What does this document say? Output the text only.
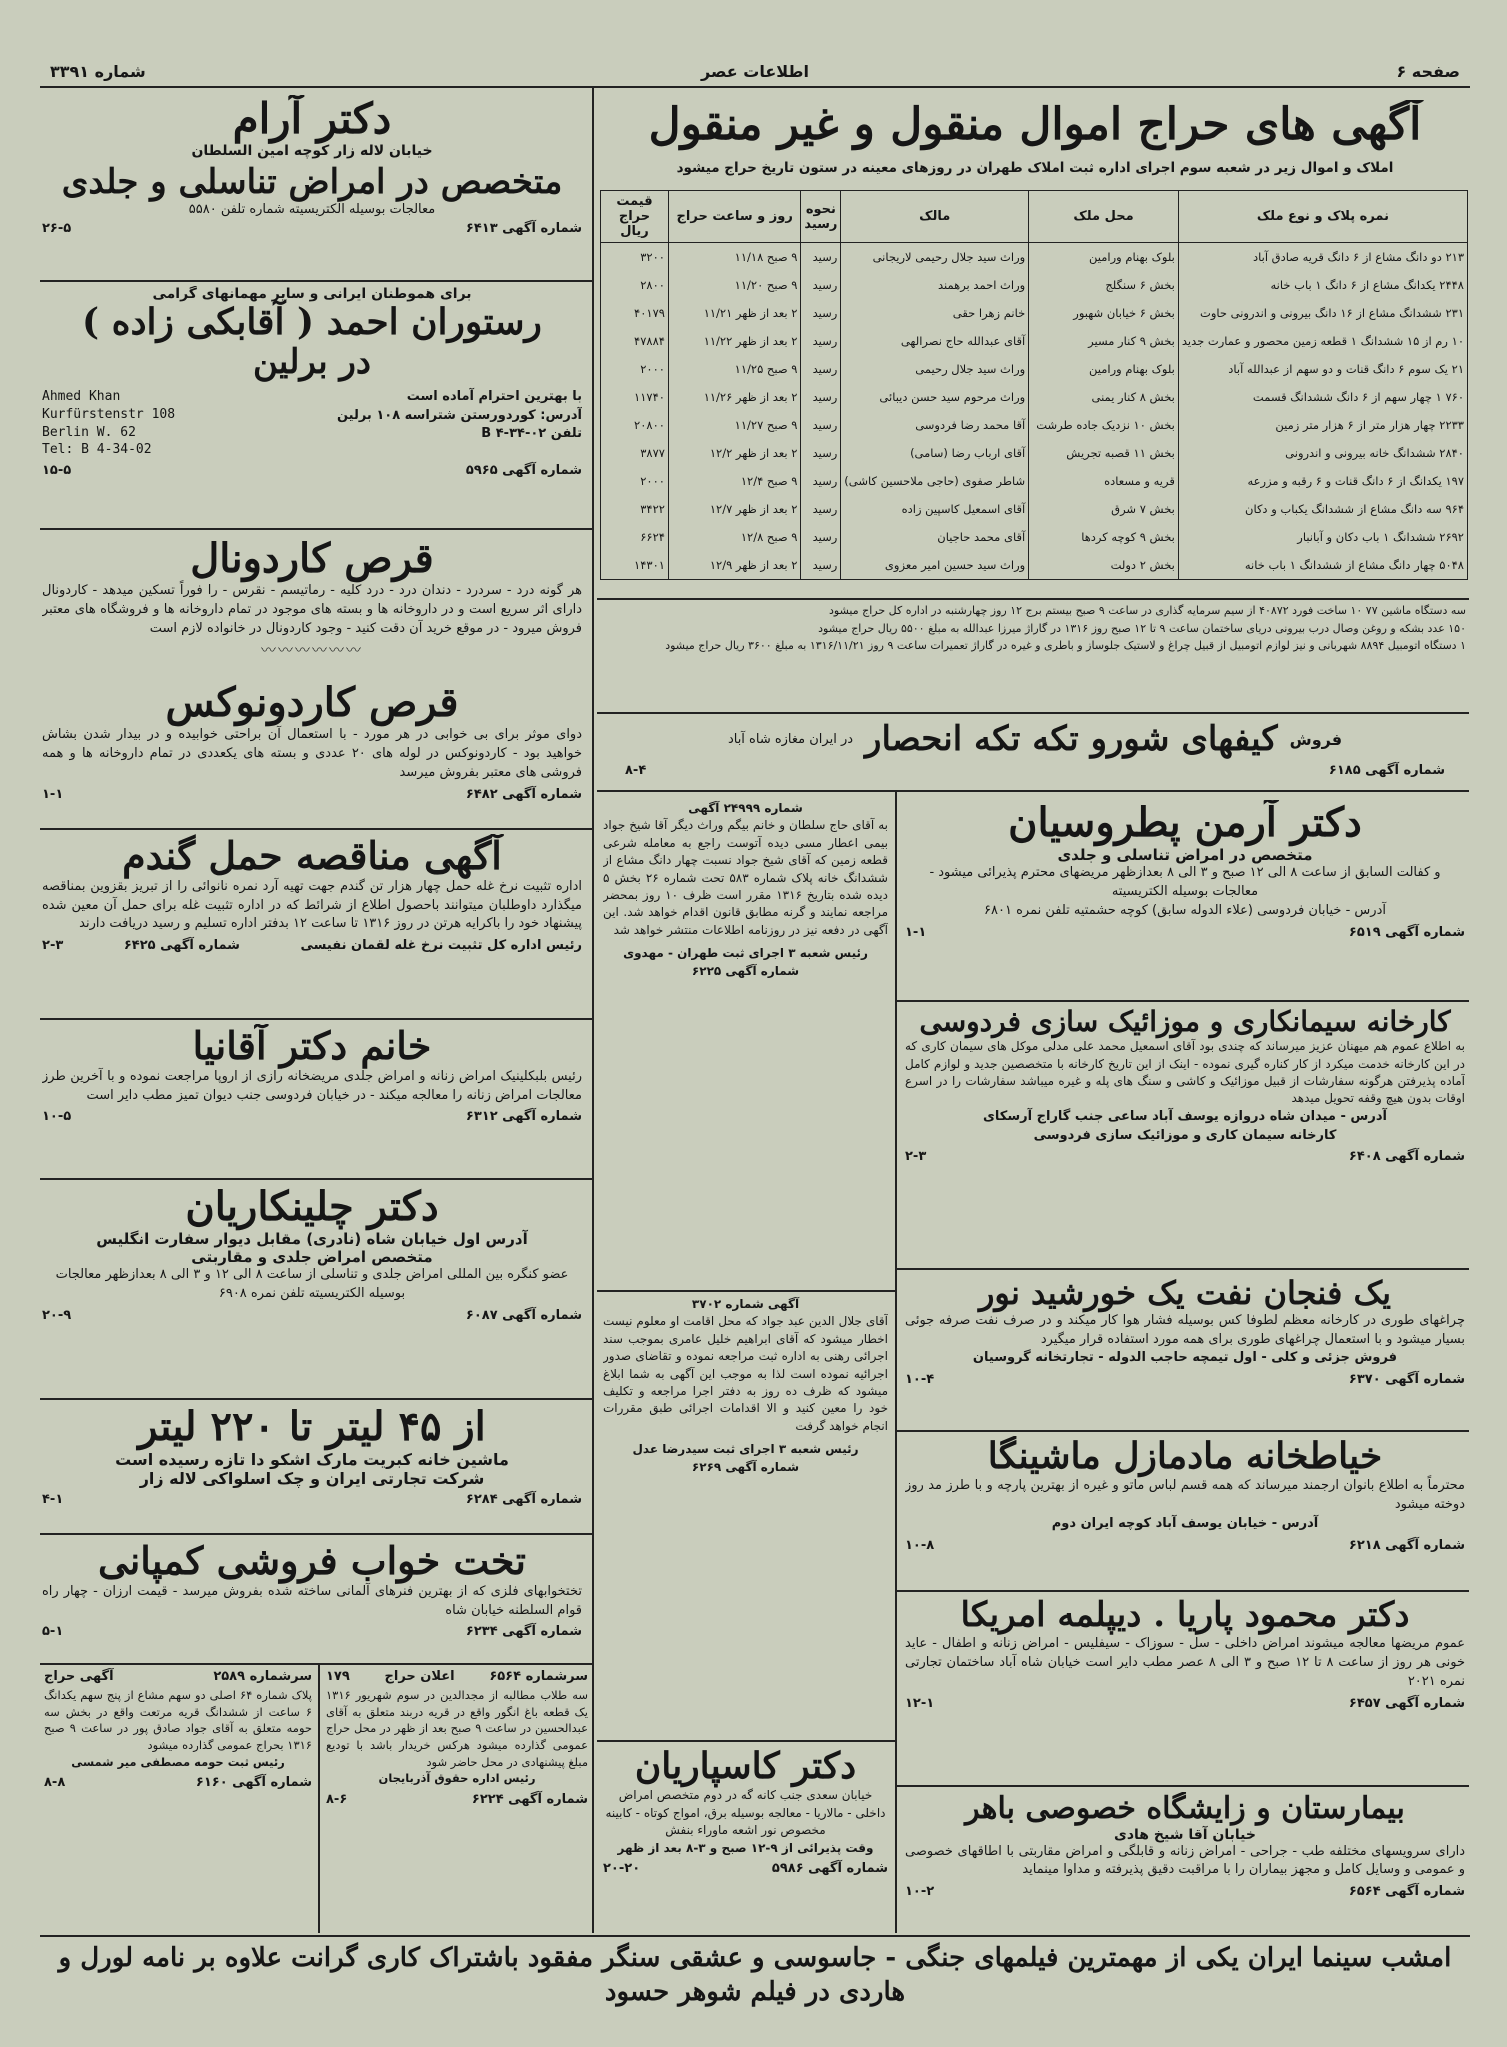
صفحه ۶
اطلاعات عصر
شماره ۳۳۹۱
آگهی های حراج اموال منقول و غیر منقول
املاک و اموال زیر در شعبه سوم اجرای اداره ثبت املاک طهران در روزهای معینه در ستون تاریخ حراج میشود
نمره پلاک و نوع ملک	محل ملک	مالک	نحوه رسید	روز و ساعت حراج	قیمت حراج ریال
۲۱۳ دو دانگ مشاع از ۶ دانگ قریه صادق آباد	بلوک بهنام ورامین	وراث سید جلال رحیمی لاریجانی	رسید	۹ صبح ۱۱/۱۸	۳۲۰۰
۲۴۴۸ یکدانگ مشاع از ۶ دانگ ۱ باب خانه	بخش ۶ سنگلج	وراث احمد برهمند	رسید	۹ صبح ۱۱/۲۰	۲۸۰۰
۲۳۱ ششدانگ مشاع از ۱۶ دانگ بیرونی و اندرونی حاوت	بخش ۶ خیابان شهبور	خانم زهرا حقی	رسید	۲ بعد از ظهر ۱۱/۲۱	۴۰۱۷۹
۱۰ رم از ۱۵ ششدانگ ۱ قطعه زمین محصور و عمارت جدید	بخش ۹ کنار مسیر	آقای عبدالله حاج نصرالهی	رسید	۲ بعد از ظهر ۱۱/۲۲	۴۷۸۸۴
۲۱ یک سوم ۶ دانگ قنات و دو سهم از عبدالله آباد	بلوک بهنام ورامین	وراث سید جلال رحیمی	رسید	۹ صبح ۱۱/۲۵	۲۰۰۰
۷۶۰ ۱ چهار سهم از ۶ دانگ ششدانگ قسمت	بخش ۸ کنار یمنی	وراث مرحوم سید حسن دیبائی	رسید	۲ بعد از ظهر ۱۱/۲۶	۱۱۷۴۰
۲۲۳۳ چهار هزار متر از ۶ هزار متر زمین	بخش ۱۰ نزدیک جاده طرشت	آقا محمد رضا فردوسی	رسید	۹ صبح ۱۱/۲۷	۲۰۸۰۰
۲۸۴۰ ششدانگ خانه بیرونی و اندرونی	بخش ۱۱ قصبه تجریش	آقای ارباب رضا (سامی)	رسید	۲ بعد از ظهر ۱۲/۲	۳۸۷۷
۱۹۷ یکدانگ از ۶ دانگ قنات و ۶ رقبه و مزرعه	قریه و مسعاده	شاطر صفوی (حاجی ملاحسین کاشی)	رسید	۹ صبح ۱۲/۴	۲۰۰۰
۹۶۴ سه دانگ مشاع از ششدانگ یکباب و دکان	بخش ۷ شرق	آقای اسمعیل کاسپین زاده	رسید	۲ بعد از ظهر ۱۲/۷	۳۴۲۲
۲۶۹۲ ششدانگ ۱ باب دکان و آبانبار	بخش ۹ کوچه کردها	آقای محمد حاجیان	رسید	۹ صبح ۱۲/۸	۶۶۲۴
۵۰۴۸ چهار دانگ مشاع از ششدانگ ۱ باب خانه	بخش ۲ دولت	وراث سید حسین امیر معزوی	رسید	۲ بعد از ظهر ۱۲/۹	۱۴۳۰۱
سه دستگاه ماشین ۷۷ ۱۰ ساخت فورد ۴۰۸۷۲ از سیم سرمایه گذاری در ساعت ۹ صبح بیستم برج ۱۲ روز چهارشنبه در اداره کل حراج میشود
۱۵۰ عدد بشکه و روغن وصال درب بیرونی دریای ساختمان ساعت ۹ تا ۱۲ صبح روز ۱۳۱۶ در گاراژ میرزا عبدالله به مبلغ ۵۵۰۰ ریال حراج میشود
۱ دستگاه اتومبیل ۸۸۹۴ شهربانی و نیز لوازم اتومبیل از قبیل چراغ و لاستیک جلوساز و باطری و غیره در گاراژ تعمیرات ساعت ۹ روز ۱۳۱۶/۱۱/۲۱ به مبلغ ۳۶۰۰ ریال حراج میشود
فروش
کیفهای شورو تکه تکه انحصار
در ایران مغازه شاه آباد
شماره آگهی ۶۱۸۵
۸-۴
دکتر آرمن پطروسیان
متخصص در امراض تناسلی و جلدی
و کفالت السابق از ساعت ۸ الی ۱۲ صبح و ۳ الی ۸ بعدازظهر مریضهای محترم پذیرائی میشود - معالجات بوسیله الکتریسیته
آدرس - خیابان فردوسی (علاء الدوله سابق) کوچه حشمتیه تلفن نمره ۶۸۰۱
شماره آگهی ۶۵۱۹
۱-۱
کارخانه سیمانکاری و موزائیک سازی فردوسی
به اطلاع عموم هم میهنان عزیز میرساند که چندی بود آقای اسمعیل محمد علی مدلی موکل های سیمان کاری که در این کارخانه خدمت میکرد از کار کناره گیری نموده - اینک از این تاریخ کارخانه با متخصصین جدید و لوازم کامل آماده پذیرفتن هرگونه سفارشات از قبیل موزائیک و کاشی و سنگ های پله و غیره میباشد سفارشات را در اسرع اوقات بدون هیچ وقفه تحویل میدهد
آدرس - میدان شاه دروازه یوسف آباد ساعی جنب گاراج آرسکای
کارخانه سیمان کاری و موزائیک سازی فردوسی
شماره آگهی ۶۴۰۸
۲-۳
یک فنجان نفت یک خورشید نور
چراغهای طوری در کارخانه معظم لطوفا کس بوسیله فشار هوا کار میکند و در صرف نفت صرفه جوئی بسیار میشود و با استعمال چراغهای طوری برای همه مورد استفاده قرار میگیرد
فروش جزئی و کلی - اول تیمچه حاجب الدوله - تجارتخانه گروسیان
شماره آگهی ۶۳۷۰
۱۰-۴
خیاطخانه مادمازل ماشینگا
محترماً به اطلاع بانوان ارجمند میرساند که همه قسم لباس ماتو و غیره از بهترین پارچه و با طرز مد روز دوخته میشود
آدرس - خیابان یوسف آباد کوچه ایران دوم
شماره آگهی ۶۲۱۸
۱۰-۸
دکتر محمود پاریا . دیپلمه امریکا
عموم مریضها معالجه میشوند امراض داخلی - سل - سوزاک - سیفلیس - امراض زنانه و اطفال - عاید خونی هر روز از ساعت ۸ تا ۱۲ صبح و ۳ الی ۸ عصر مطب دایر است خیابان شاه آباد ساختمان تجارتی نمره ۲۰۲۱
شماره آگهی ۶۴۵۷
۱۲-۱
بیمارستان و زایشگاه خصوصی باهر
خیابان آقا شیخ هادی
دارای سرویسهای مختلفه طب - جراحی - امراض زنانه و قابلگی و امراض مقاربتی با اطاقهای خصوصی و عمومی و وسایل کامل و مجهز بیماران را با مراقبت دقیق پذیرفته و مداوا مینماید
شماره آگهی ۶۵۶۴
۱۰-۲
شماره ۲۴۹۹۹ آگهی
به آقای حاج سلطان و خانم بیگم وراث دیگر آقا شیخ جواد بیمی اعطار مسی دیده آتوست راجع به معامله شرعی قطعه زمین که آقای شیخ جواد نسبت چهار دانگ مشاع از ششدانگ خانه پلاک شماره ۵۸۳ تحت شماره ۲۶ بخش ۵ دیده شده بتاریخ ۱۳۱۶ مقرر است ظرف ۱۰ روز بمحضر مراجعه نمایند و گرنه مطابق قانون اقدام خواهد شد. این آگهی در دفعه نیز در روزنامه اطلاعات منتشر خواهد شد
رئیس شعبه ۳ اجرای ثبت طهران - مهدوی
شماره آگهی ۶۲۲۵
آگهی شماره ۳۷۰۲
آقای جلال الدین عبد جواد که محل اقامت او معلوم نیست اخطار میشود که آقای ابراهیم خلیل عامری بموجب سند اجرائی رهنی به اداره ثبت مراجعه نموده و تقاضای صدور اجرائیه نموده است لذا به موجب این آگهی به شما ابلاغ میشود که ظرف ده روز به دفتر اجرا مراجعه و تکلیف خود را معین کنید و الا اقدامات اجرائی طبق مقررات انجام خواهد گرفت
رئیس شعبه ۳ اجرای ثبت سیدرضا عدل
شماره آگهی ۶۲۶۹
دکتر کاسپاریان
خیابان سعدی جنب کانه گه در دوم متخصص امراض داخلی - مالاریا - معالجه بوسیله برق، امواج کوتاه - کابینه مخصوص نور اشعه ماوراء بنفش
وقت پذیرائی از ۹-۱۲ صبح و ۳-۸ بعد از ظهر
شماره آگهی ۵۹۸۶
۲۰-۲۰
دکتر آرام
خیابان لاله زار کوچه امین السلطان
متخصص در امراض تناسلی و جلدی
معالجات بوسیله الکتریسیته شماره تلفن ۵۵۸۰
شماره آگهی ۶۴۱۳
۲۶-۵
برای هموطنان ایرانی و سایر مهمانهای گرامی
رستوران احمد ( آقابکی زاده )
در برلین
با بهترین احترام آماده است
آدرس: کوردورستن شتراسه ۱۰۸ برلین
تلفن ۰۲-۳۴-۴ B
Ahmed Khan
Kurfürstenstr 108
Berlin W. 62
Tel: B 4-34-02
شماره آگهی ۵۹۶۵
۱۵-۵
قرص کاردونال
هر گونه درد - سردرد - دندان درد - درد کلیه - رماتیسم - نقرس - را فوراً تسکین میدهد - کاردونال دارای اثر سریع است و در داروخانه ها و بسته های موجود در تمام داروخانه ها و فروشگاه های معتبر فروش میرود - در موقع خرید آن دقت کنید - وجود کاردونال در خانواده لازم است
〰〰〰〰〰〰
قرص کاردونوکس
دوای موثر برای بی خوابی در هر مورد - با استعمال آن براحتی خوابیده و در بیدار شدن بشاش خواهید بود - کاردونوکس در لوله های ۲۰ عددی و بسته های یکعددی در تمام داروخانه ها و همه فروشی های معتبر بفروش میرسد
شماره آگهی ۶۴۸۲
۱-۱
آگهی مناقصه حمل گندم
اداره تثبیت نرخ غله حمل چهار هزار تن گندم جهت تهیه آرد نمره نانوائی را از تبریز بقزوین بمناقصه میگذارد داوطلبان میتوانند باحصول اطلاع از شرائط که در اداره تثبیت غله برای حمل آن معین شده پیشنهاد خود را باکرایه هرتن در روز ۱۳۱۶ تا ساعت ۱۲ بدفتر اداره تسلیم و رسید دریافت دارند
رئیس اداره کل تثبیت نرخ غله لقمان نفیسی
شماره آگهی ۶۴۲۵
۲-۳
خانم دکتر آقانیا
رئیس بلبکلینیک امراض زنانه و امراض جلدی مریضخانه رازی از اروپا مراجعت نموده و با آخرین طرز معالجات امراض زنانه را معالجه میکند - در خیابان فردوسی جنب دیوان تمیز مطب دایر است
شماره آگهی ۶۳۱۲
۱۰-۵
دکتر چلینکاریان
آدرس اول خیابان شاه (نادری) مقابل دیوار سفارت انگلیس
متخصص امراض جلدی و مقاربتی
عضو کنگره بین المللی امراض جلدی و تناسلی از ساعت ۸ الی ۱۲ و ۳ الی ۸ بعدازظهر معالجات بوسیله الکتریسیته تلفن نمره ۶۹۰۸
شماره آگهی ۶۰۸۷
۲۰-۹
از ۴۵ لیتر تا ۲۲۰ لیتر
ماشین خانه کبریت مارک اشکو دا تازه رسیده است
شرکت تجارتی ایران و چک اسلواکی لاله زار
شماره آگهی ۶۲۸۴
۴-۱
تخت خواب فروشی کمپانی
تختخوابهای فلزی که از بهترین فنرهای آلمانی ساخته شده بفروش میرسد - قیمت ارزان - چهار راه قوام السلطنه خیابان شاه
شماره آگهی ۶۲۳۴
۵-۱
سرشماره ۶۵۶۴
اعلان حراج
۱۷۹
سه طلاب مطالبه از مجدالدین در سوم شهریور ۱۳۱۶ یک قطعه باغ انگور واقع در قریه دربند متعلق به آقای عبدالحسین در ساعت ۹ صبح بعد از ظهر در محل حراج عمومی گذارده میشود هرکس خریدار باشد با تودیع مبلغ پیشنهادی در محل حاضر شود
رئیس اداره حقوق آذربایجان
شماره آگهی ۶۲۲۴
۸-۶
سرشماره ۲۵۸۹
آگهی حراج
پلاک شماره ۶۴ اصلی دو سهم مشاع از پنج سهم یکدانگ ۶ ساعت از ششدانگ قریه مرتعت واقع در بخش سه حومه متعلق به آقای جواد صادق پور در ساعت ۹ صبح ۱۳۱۶ بحراج عمومی گذارده میشود
رئیس ثبت حومه مصطفی میر شمسی
شماره آگهی ۶۱۶۰
۸-۸
امشب سینما ایران یکی از مهمترین فیلمهای جنگی - جاسوسی و عشقی سنگر مفقود باشتراک کاری گرانت علاوه بر نامه لورل و هاردی در فیلم شوهر حسود
